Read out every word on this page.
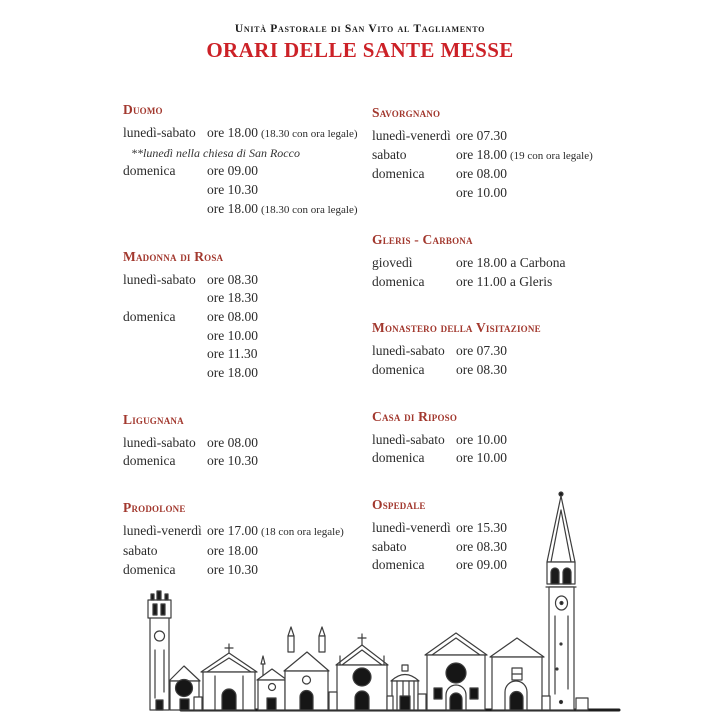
Unità Pastorale di San Vito al Tagliamento
ORARI DELLE SANTE MESSE
Duomo
lunedì-sabato ore 18.00 (18.30 con ora legale)
**lunedì nella chiesa di San Rocco
domenica ore 09.00
ore 10.30
ore 18.00 (18.30 con ora legale)
Madonna di Rosa
lunedì-sabato ore 08.30
ore 18.30
domenica ore 08.00
ore 10.00
ore 11.30
ore 18.00
Ligugnana
lunedì-sabato ore 08.00
domenica ore 10.30
Prodolone
lunedì-venerdì ore 17.00 (18 con ora legale)
sabato	ore 18.00
domenica ore 10.30
Savorgnano
lunedì-venerdì ore 07.30
sabato	ore 18.00 (19 con ora legale)
domenica ore 08.00
ore 10.00
Gleris - Carbona
giovedì	ore 18.00 a Carbona
domenica ore 11.00 a Gleris
Monastero della Visitazione
lunedì-sabato ore 07.30
domenica ore 08.30
Casa di Riposo
lunedì-sabato ore 10.00
domenica ore 10.00
Ospedale
lunedì-venerdì ore 15.30
sabato	ore 08.30
domenica ore 09.00
